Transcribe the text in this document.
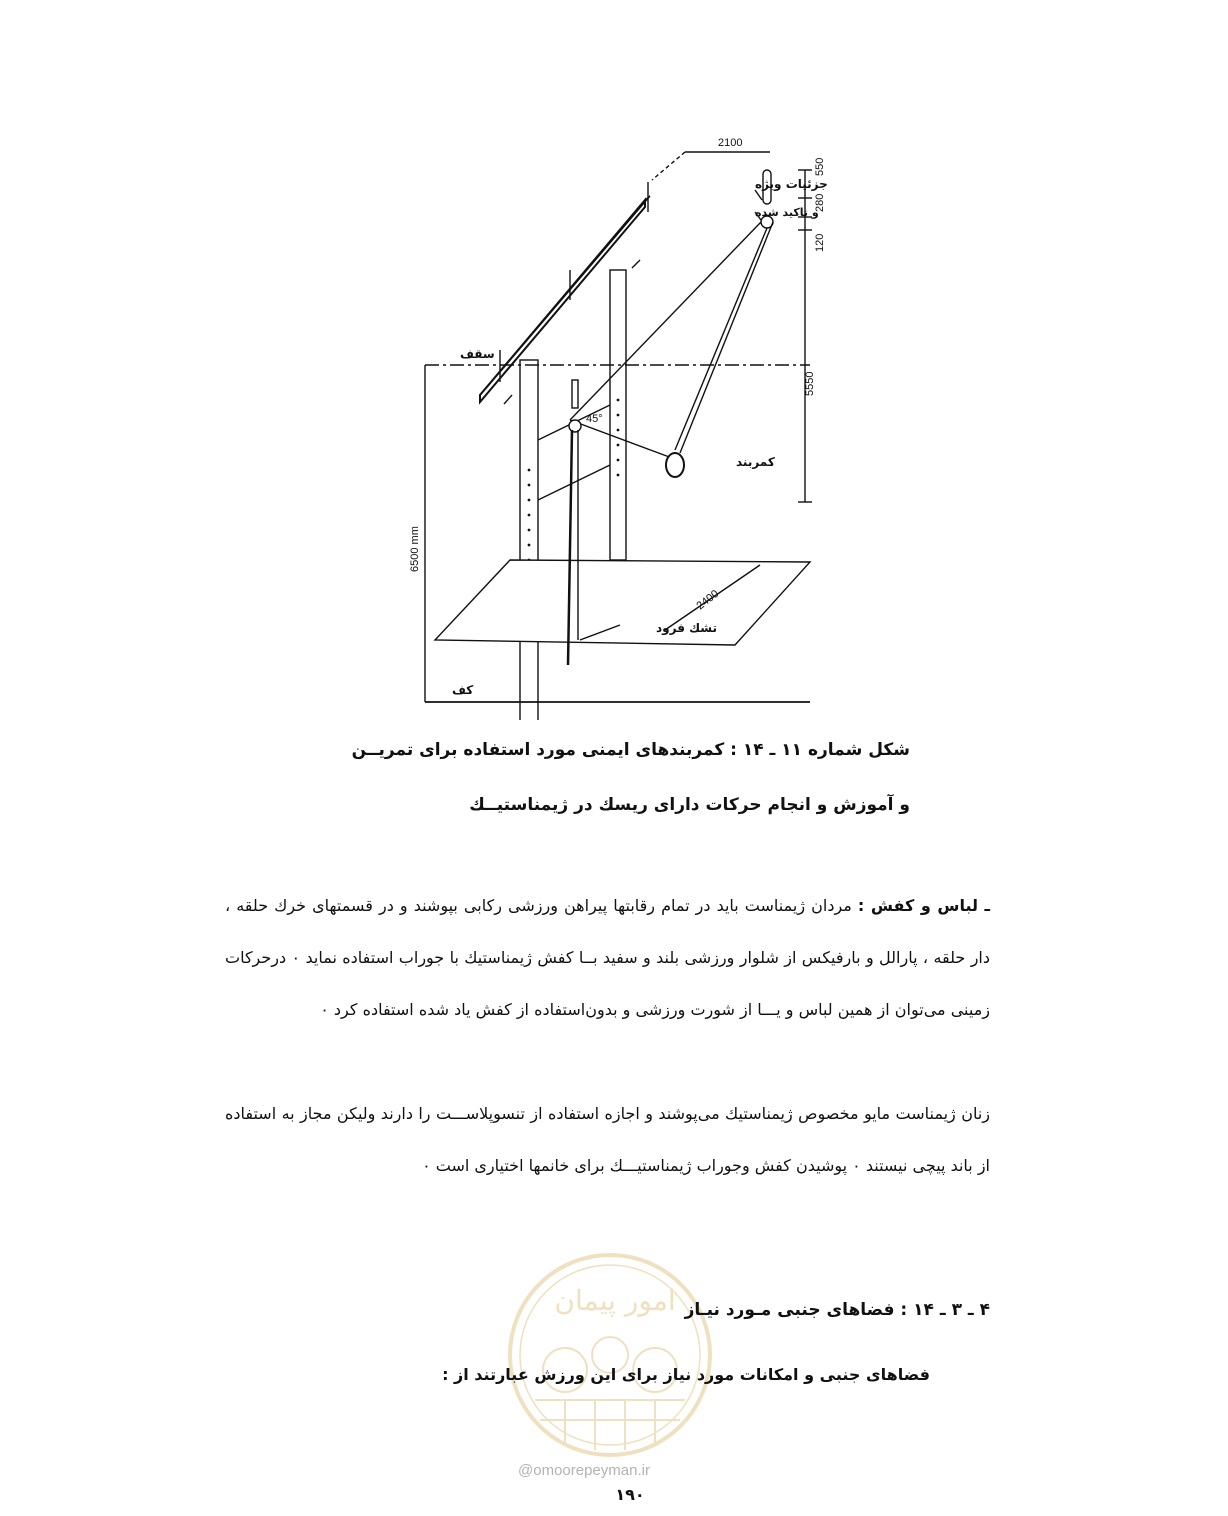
2100
550
280
120
5550
6500 mm
2400
45°
جزئیات ویژه
و تاکید شده
سقف
کف
کمربند
تشك فرود
شکل شماره ۱۱ ـ ۱۴ : کمربندهای ایمنی مورد استفاده برای تمریــن
و آموزش و انجام حرکات دارای ریسك در ژیمناستیــك

ـ لباس و کفش : مردان ژیمناست باید در تمام رقابتها پیراهن ورزشی رکابی بپوشند و در قسمتهای خرك حلقه ، دار حلقه ، پارالل و بارفیکس از شلوار ورزشی بلند و سفید بــا کفش ژیمناستیك با جوراب استفاده نماید ۰ درحرکات زمینی می‌توان از همین لباس و یـــا از شورت ورزشی و بدون‌استفاده از کفش یاد شده استفاده کرد ۰

زنان ژیمناست مایو مخصوص ژیمناستیك می‌پوشند و اجازه استفاده از تنسوپلاســـت را دارند ولیکن مجاز به استفاده از باند پیچی نیستند ۰ پوشیدن کفش وجوراب ژیمناستیـــك برای خانمها اختیاری است ۰

امور پیمان ۴ ـ ۳ ـ ۱۴ : فضاهای جنبی مـورد نیـاز
فضاهای جنبی و امکانات مورد نیاز برای این ورزش عبارتند از :
@omoorepeyman.ir
۱۹۰
